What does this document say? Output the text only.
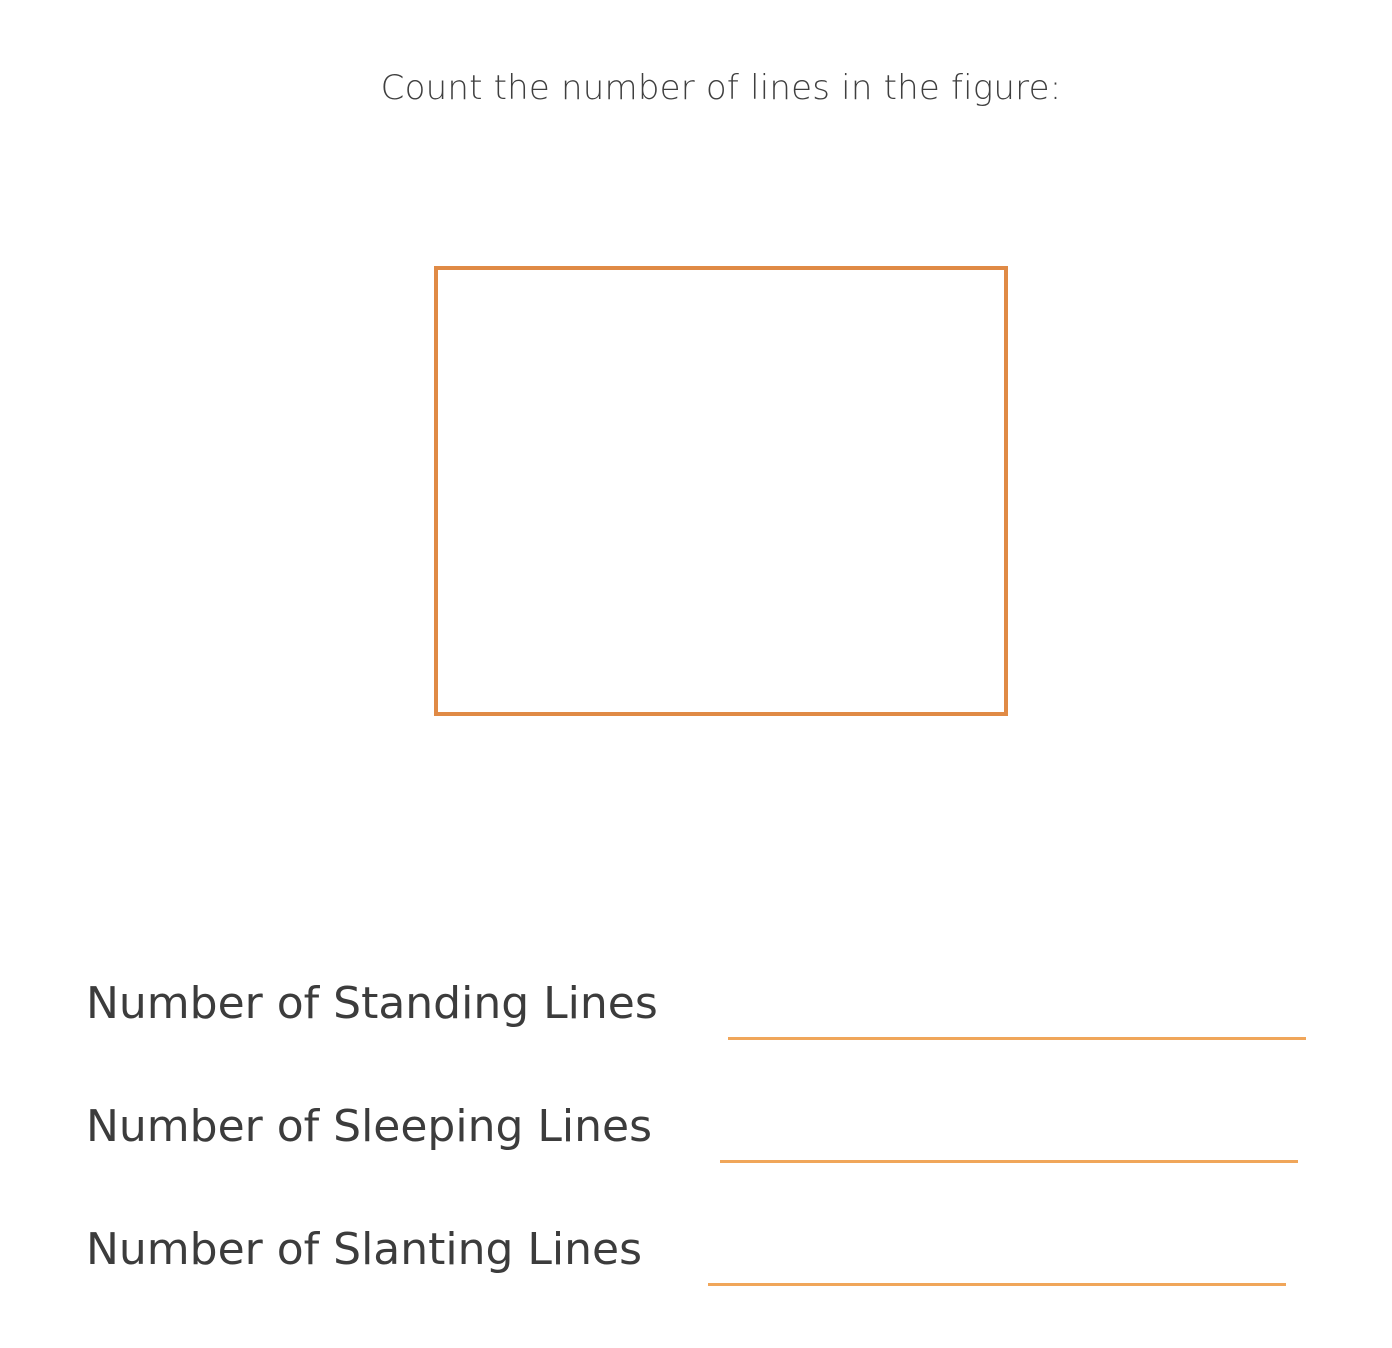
Count the number of lines in the figure:
Number of Standing Lines
Number of Sleeping Lines
Number of Slanting Lines
